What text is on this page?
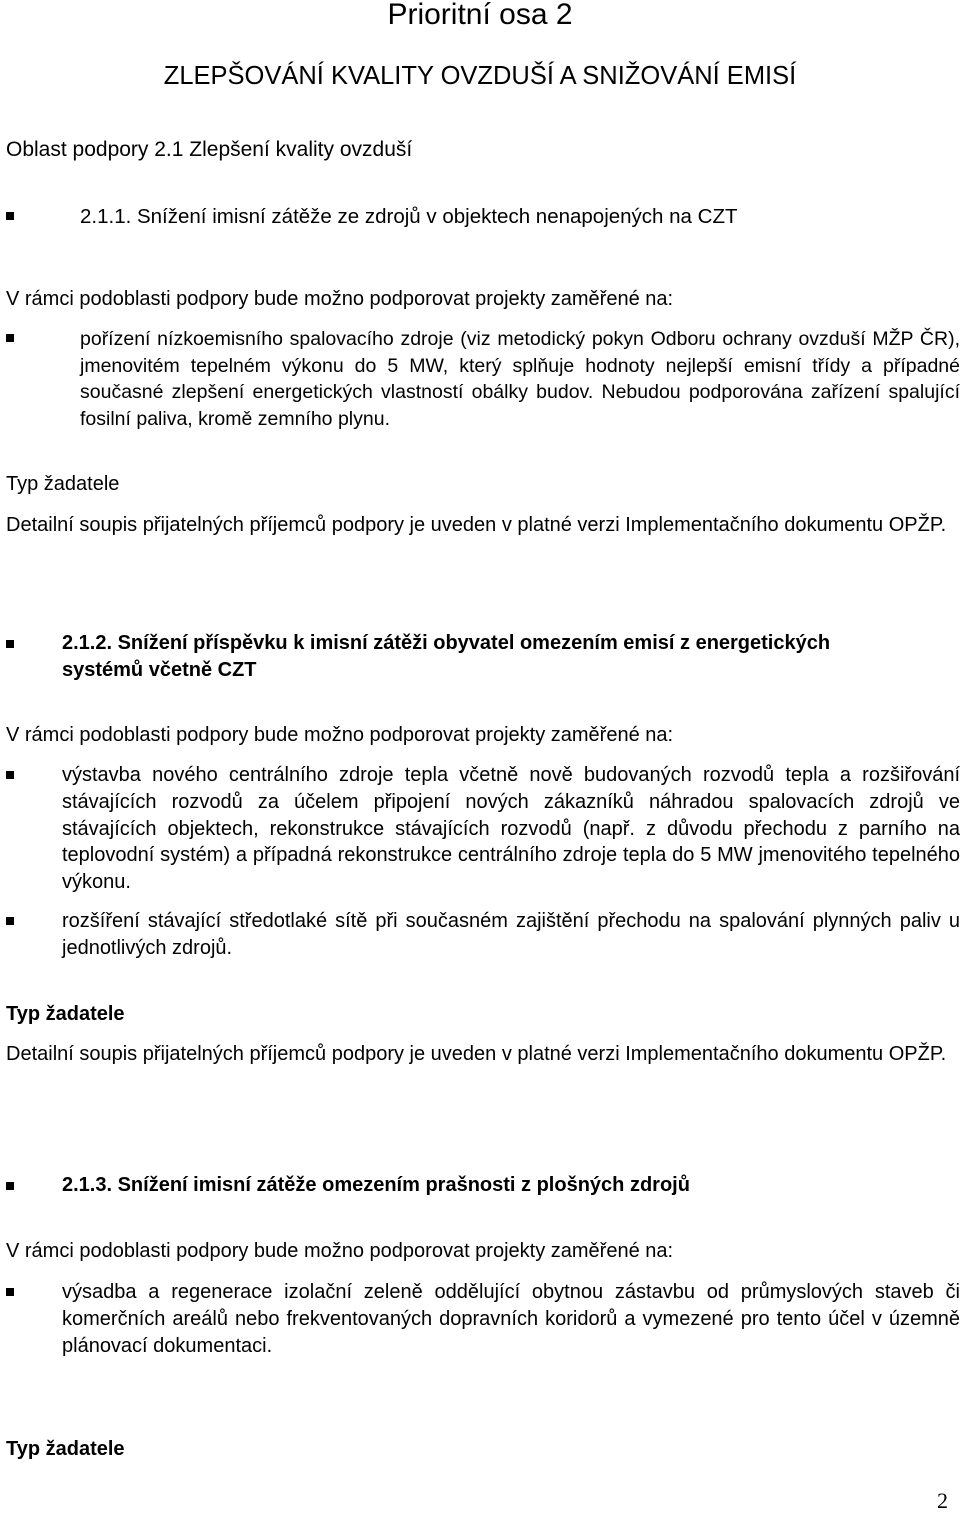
Prioritní osa 2
ZLEPŠOVÁNÍ KVALITY OVZDUŠÍ A SNIŽOVÁNÍ EMISÍ
Oblast podpory 2.1 Zlepšení kvality ovzduší
2.1.1. Snížení imisní zátěže ze zdrojů v objektech nenapojených na CZT
V rámci podoblasti podpory bude možno podporovat projekty zaměřené na:
pořízení nízkoemisního spalovacího zdroje (viz metodický pokyn Odboru ochrany ovzduší MŽP ČR), jmenovitém tepelném výkonu do 5 MW, který splňuje hodnoty nejlepší emisní třídy a případné současné zlepšení energetických vlastností obálky budov. Nebudou podporována zařízení spalující fosilní paliva, kromě zemního plynu.
Typ žadatele
Detailní soupis přijatelných příjemců podpory je uveden v platné verzi Implementačního dokumentu OPŽP.
2.1.2. Snížení příspěvku k imisní zátěži obyvatel omezením emisí z energetických
systémů včetně CZT
V rámci podoblasti podpory bude možno podporovat projekty zaměřené na:
výstavba nového centrálního zdroje tepla včetně nově budovaných rozvodů tepla a rozšiřování stávajících rozvodů za účelem připojení nových zákazníků náhradou spalovacích zdrojů ve stávajících objektech, rekonstrukce stávajících rozvodů (např. z důvodu přechodu z parního na teplovodní systém) a případná rekonstrukce centrálního zdroje tepla do 5 MW jmenovitého tepelného výkonu.
rozšíření stávající středotlaké sítě při současném zajištění přechodu na spalování plynných paliv u jednotlivých zdrojů.
Typ žadatele
Detailní soupis přijatelných příjemců podpory je uveden v platné verzi Implementačního dokumentu OPŽP.
2.1.3. Snížení imisní zátěže omezením prašnosti z plošných zdrojů
V rámci podoblasti podpory bude možno podporovat projekty zaměřené na:
výsadba a regenerace izolační zeleně oddělující obytnou zástavbu od průmyslových staveb či komerčních areálů nebo frekventovaných dopravních koridorů a vymezené pro tento účel v územně plánovací dokumentaci.
Typ žadatele
2
